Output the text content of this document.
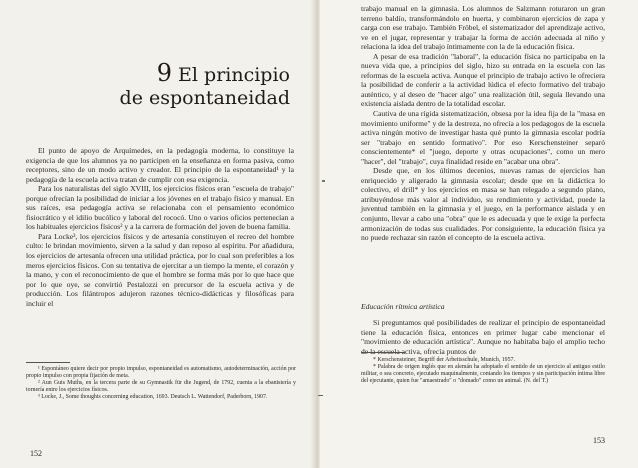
9 El principio
de espontaneidad

El punto de apoyo de Arquímedes, en la pedagogía moderna, lo constituye la exigencia de que los alumnos ya no participen en la enseñanza en forma pasiva, como receptores, sino de un modo activo y creador. El principio de la espontaneidad¹ y la pedagogía de la escuela activa tratan de cumplir con esa exigencia.

Para los naturalistas del siglo XVIII, los ejercicios físicos eran "escuela de trabajo" porque ofrecían la posibilidad de iniciar a los jóvenes en el trabajo físico y manual. En sus raíces, esa pedagogía activa se relacionaba con el pensamiento económico fisiocrático y el idilio bucólico y laboral del rococó. Uno o varios oficios pertenecían a los habituales ejercicios físicos² y a la carrera de formación del joven de buena familia.

Para Locke³, los ejercicios físicos y de artesanía constituyen el recreo del hombre culto: le brindan movimiento, sirven a la salud y dan reposo al espíritu. Por añadidura, los ejercicios de artesanía ofrecen una utilidad práctica, por lo cual son preferibles a los meros ejercicios físicos. Con su tentativa de ejercitar a un tiempo la mente, el corazón y la mano, y con el reconocimiento de que el hombre se forma más por lo que hace que por lo que oye, se convirtió Pestalozzi en precursor de la escuela activa y de producción. Los filántropos adujeron razones técnico-didácticas y filosóficas para incluir el

¹ Espontáneo quiere decir por propio impulso, espontaneidad es automatismo, autodeterminación, acción por propio impulso con propia fijación de meta.

² Aun Guts Muths, en la tercera parte de su Gymnastik für die Jugend, de 1792, cuenta a la ebanistería y tornería entre los ejercicios físicos.

³ Locke, J., Some thoughts concerning education, 1693. Deutsch L. Wattendorf, Paderborn, 1907.

152

trabajo manual en la gimnasia. Los alumnos de Salzmann roturaron un gran terreno baldío, transformándolo en huerta, y combinaron ejercicios de zapa y carga con ese trabajo. También Fröbel, el sistematizador del aprendizaje activo, ve en el jugar, representar y trabajar la forma de acción adecuada al niño y relaciona la idea del trabajo íntimamente con la de la educación física.

A pesar de esa tradición "laboral", la educación física no participaba en la nueva vida que, a principios del siglo, hizo su entrada en la escuela con las reformas de la escuela activa. Aunque el principio de trabajo activo le ofreciera la posibilidad de conferir a la actividad lúdica el efecto formativo del trabajo auténtico, y al deseo de "hacer algo" una realización útil, seguía llevando una existencia aislada dentro de la totalidad escolar.

Cautiva de una rígida sistematización, obsesa por la idea fija de la "masa en movimiento uniforme" y de la destreza, no ofrecía a los pedagogos de la escuela activa ningún motivo de investigar hasta qué punto la gimnasia escolar podría ser "trabajo en sentido formativo". Por eso Kerschensteiner separó conscientemente* el "juego, deporte y otras ocupaciones", como un mero "hacer", del "trabajo", cuya finalidad reside en "acabar una obra".

Desde que, en los últimos decenios, nuevas ramas de ejercicios han enriquecido y aligerado la gimnasia escolar; desde que en la didáctica lo colectivo, el drill* y los ejercicios en masa se han relegado a segundo plano, atribuyéndose más valor al individuo, su rendimiento y actividad, puede la juventud también en la gimnasia y el juego, en la performance aislada y en conjunto, llevar a cabo una "obra" que le es adecuada y que le exige la perfecta armonización de todas sus cualidades. Por consiguiente, la educación física ya no puede rechazar sin razón el concepto de la escuela activa.

Educación rítmica artística

Si preguntamos qué posibilidades de realizar el principio de espontaneidad tiene la educación física, entonces en primer lugar cabe mencionar el "movimiento de educación artística". Aunque no habitaba bajo el amplio techo de la escuela activa, ofrecía puntos de

* Kerschensteiner, Begriff der Arbeitsschule, Munich, 1957.

* Palabra de origen inglés que en alemán ha adoptado el sentido de un ejercicio al antiguo estilo militar, o sea concreto, ejecutado maquinalmente, contando los tiempos y sin participación íntima libre del ejecutante, quien fue "amaestrado" o "domado" como un animal. (N. del T.)

153
